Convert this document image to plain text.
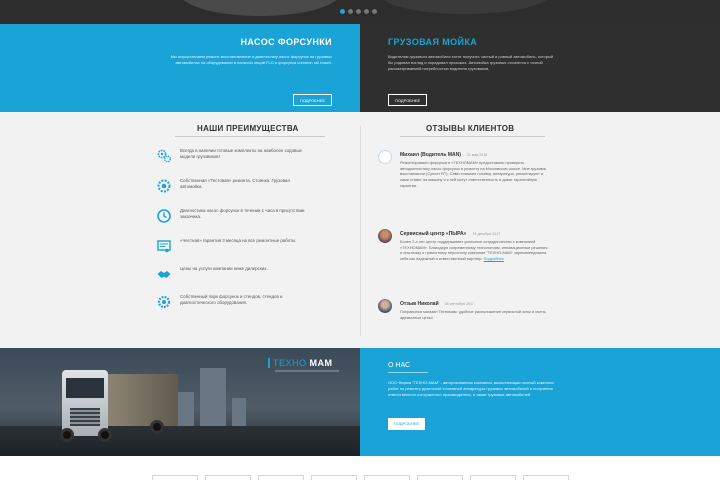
НАСОС ФОРСУНКИ
Мы осуществляем ремонт-восстановление и диагностику насос форсунок на грузовых автомобилях на оборудовании в наличии опций FLO и форсунок common rail bosch.
ПОДРОБНЕЕ
ГРУЗОВАЯ МОЙКА
Водителям грузового автомобиля хотят получить чистый и ровный автомобиль, который бы радовал взгляд и порадовал прохожих. Автомойка грузовых стоянется с точной рассматриваемой потребностью водителя грузовиков.
ПОДРОБНЕЕ
НАШИ ПРЕИМУЩЕСТВА	ОТЗЫВЫ КЛИЕНТОВ
Всегда в наличии готовые комплекты на наиболее ходовые модели грузовиков!
Собственная «Тестовая» ремонта. Стоянка. Грузовая автомойка.
Диагностика насос форсунок в течении 1 часа в присутствии заказчика.
«Честная» гарантия 3 месяца на все ремонтные работы.
Цены на услуги компании ниже дилерских.
Собственный парк форсунок и стендов, стендов и диагностического оборудования.
Михаил (Водитель MAN) 21 мая 2018
Ремонтировали форсунки в «ТЕХНОМАМ» предоставили проверить автодиагностику насос форсунок в ремонту на Московском шоссе. Мне грузовик восстановили (Сунсет RT). Сами снимают головку, аппаратура, ремонтируют и сами ставят на машину и к ней могут ответственность и давят гарантийную гарантии.
Сервисный центр «ПЫРА» 24 декабря 2017
Более 2-х лет центр поддерживает успешное сотрудничество с компанией «ТЕХНОМАМ». Благодаря современному технологиям, инновационные решения и опытному и грамотному персоналу компании "ТЕХНО-МАМ" зарекомендовала себя как надежный и ответственный партнер. Подробнее
Отзыв Николай 08 сентября 2017
Понравился магазин Техномам: удобное расположение сервисной зоны и очень адекватные цены!
ТЕХНО МАМ	О НАС
ООО Фирма "ТЕХНО-МАМ" - авторизованная компания, выполняющая полный комплекс работ по ремонту дизельной топливной аппаратуры грузовых автомобилей и получения ответственного контрактного производителя, а также грузовых автомобилей.
ПОДРОБНЕЕ
